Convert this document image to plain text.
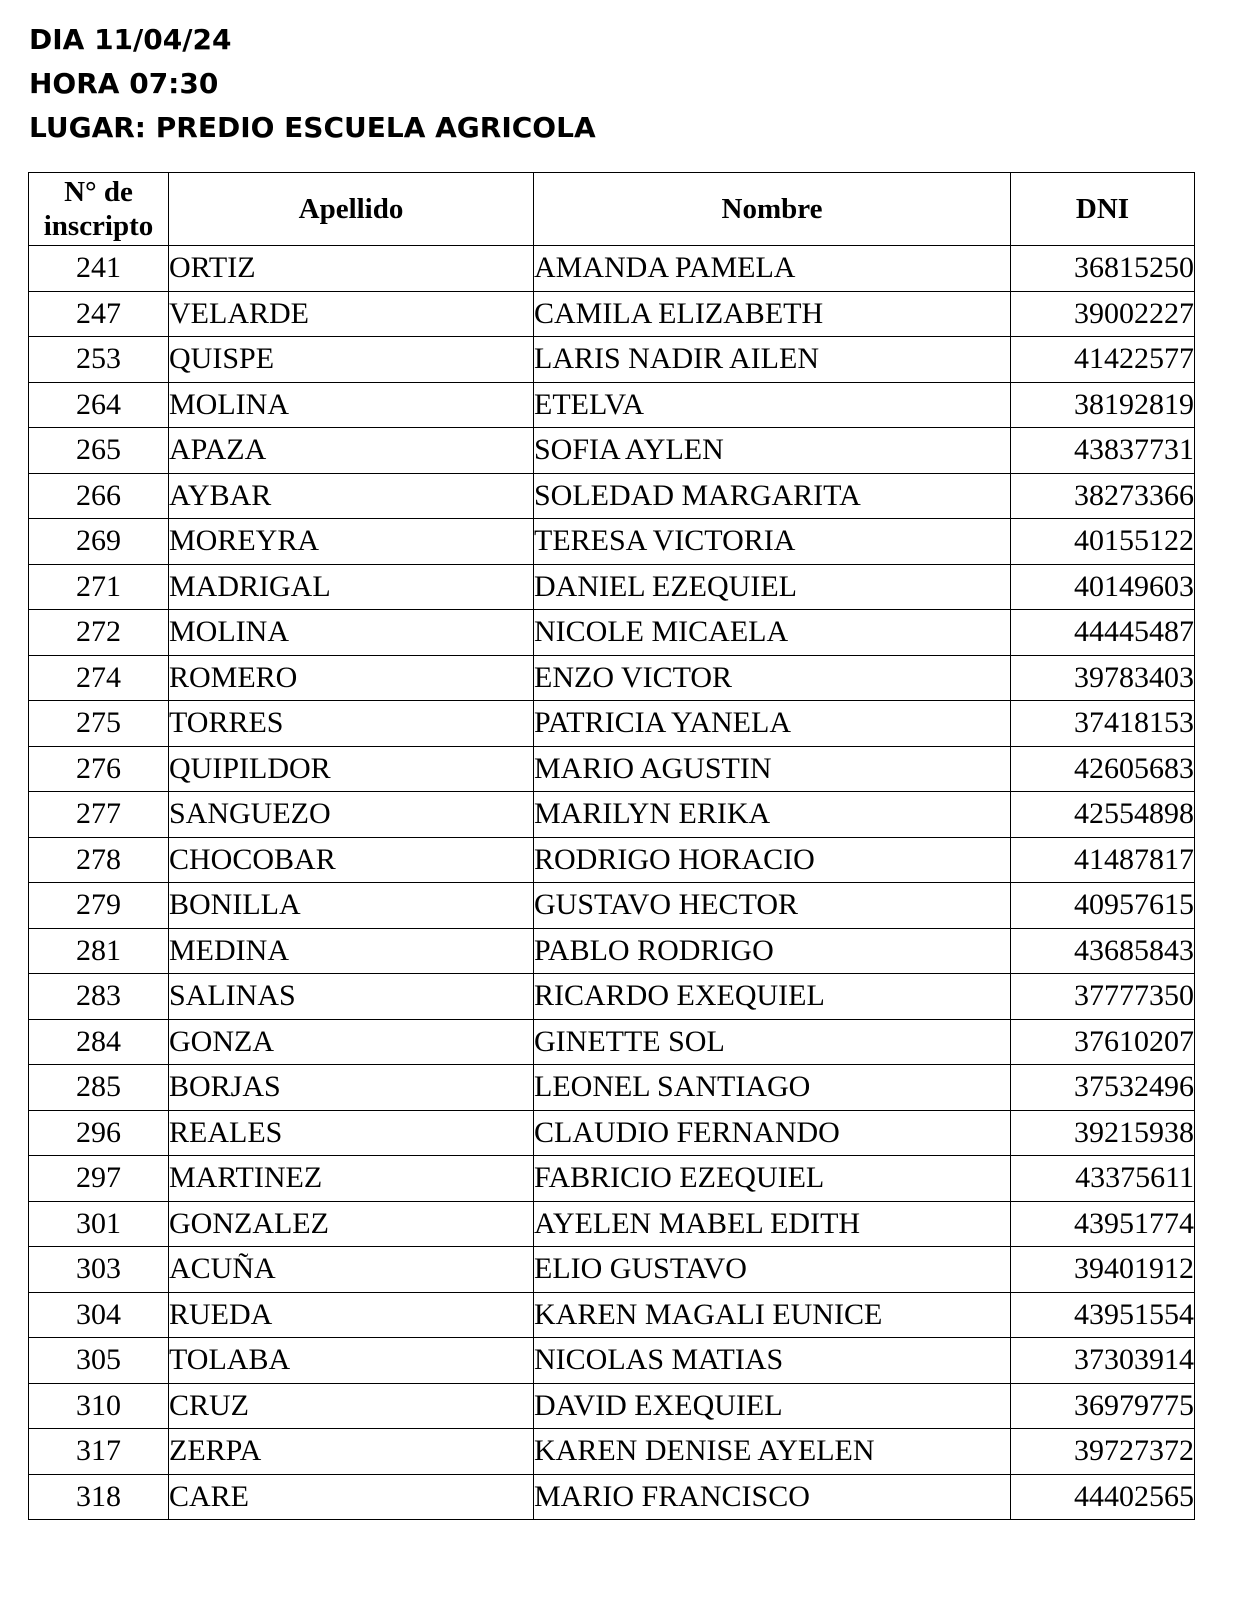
DIA 11/04/24
HORA 07:30
LUGAR: PREDIO ESCUELA AGRICOLA
N° de
inscripto	Apellido	Nombre	DNI
241	ORTIZ	AMANDA PAMELA	36815250
247	VELARDE	CAMILA ELIZABETH	39002227
253	QUISPE	LARIS NADIR AILEN	41422577
264	MOLINA	ETELVA	38192819
265	APAZA	SOFIA AYLEN	43837731
266	AYBAR	SOLEDAD MARGARITA	38273366
269	MOREYRA	TERESA VICTORIA	40155122
271	MADRIGAL	DANIEL EZEQUIEL	40149603
272	MOLINA	NICOLE MICAELA	44445487
274	ROMERO	ENZO VICTOR	39783403
275	TORRES	PATRICIA YANELA	37418153
276	QUIPILDOR	MARIO AGUSTIN	42605683
277	SANGUEZO	MARILYN ERIKA	42554898
278	CHOCOBAR	RODRIGO HORACIO	41487817
279	BONILLA	GUSTAVO HECTOR	40957615
281	MEDINA	PABLO RODRIGO	43685843
283	SALINAS	RICARDO EXEQUIEL	37777350
284	GONZA	GINETTE SOL	37610207
285	BORJAS	LEONEL SANTIAGO	37532496
296	REALES	CLAUDIO FERNANDO	39215938
297	MARTINEZ	FABRICIO EZEQUIEL	43375611
301	GONZALEZ	AYELEN MABEL EDITH	43951774
303	ACUÑA	ELIO GUSTAVO	39401912
304	RUEDA	KAREN MAGALI EUNICE	43951554
305	TOLABA	NICOLAS MATIAS	37303914
310	CRUZ	DAVID EXEQUIEL	36979775
317	ZERPA	KAREN DENISE AYELEN	39727372
318	CARE	MARIO FRANCISCO	44402565
